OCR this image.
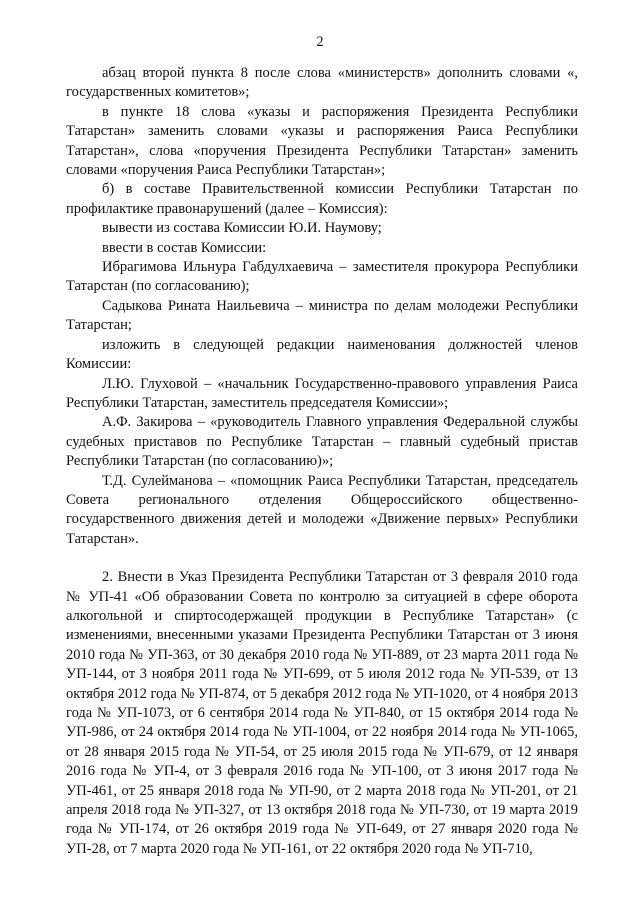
2

абзац второй пункта 8 после слова «министерств» дополнить словами «, государственных комитетов»;

в пункте 18 слова «указы и распоряжения Президента Республики Татарстан» заменить словами «указы и распоряжения Раиса Республики Татарстан», слова «поручения Президента Республики Татарстан» заменить словами «поручения Раиса Республики Татарстан»;

б) в составе Правительственной комиссии Республики Татарстан по профилактике правонарушений (далее – Комиссия):

вывести из состава Комиссии Ю.И. Наумову;

ввести в состав Комиссии:

Ибрагимова Ильнура Габдулхаевича – заместителя прокурора Республики Татарстан (по согласованию);

Садыкова Рината Наильевича – министра по делам молодежи Республики Татарстан;

изложить в следующей редакции наименования должностей членов Комиссии:

Л.Ю. Глуховой – «начальник Государственно-правового управления Раиса Республики Татарстан, заместитель председателя Комиссии»;

А.Ф. Закирова – «руководитель Главного управления Федеральной службы судебных приставов по Республике Татарстан – главный судебный пристав Республики Татарстан (по согласованию)»;

Т.Д. Сулейманова – «помощник Раиса Республики Татарстан, председатель Совета регионального отделения Общероссийского общественно-государственного движения детей и молодежи «Движение первых» Республики Татарстан».

2. Внести в Указ Президента Республики Татарстан от 3 февраля 2010 года № УП-41 «Об образовании Совета по контролю за ситуацией в сфере оборота алкогольной и спиртосодержащей продукции в Республике Татарстан» (с изменениями, внесенными указами Президента Республики Татарстан от 3 июня 2010 года № УП-363, от 30 декабря 2010 года № УП-889, от 23 марта 2011 года № УП-144, от 3 ноября 2011 года № УП-699, от 5 июля 2012 года № УП-539, от 13 октября 2012 года № УП-874, от 5 декабря 2012 года № УП-1020, от 4 ноября 2013 года № УП-1073, от 6 сентября 2014 года № УП-840, от 15 октября 2014 года № УП-986, от 24 октября 2014 года № УП-1004, от 22 ноября 2014 года № УП-1065, от 28 января 2015 года № УП-54, от 25 июля 2015 года № УП-679, от 12 января 2016 года № УП-4, от 3 февраля 2016 года № УП-100, от 3 июня 2017 года № УП-461, от 25 января 2018 года № УП-90, от 2 марта 2018 года № УП-201, от 21 апреля 2018 года № УП-327, от 13 октября 2018 года № УП-730, от 19 марта 2019 года № УП-174, от 26 октября 2019 года № УП-649, от 27 января 2020 года № УП-28, от 7 марта 2020 года № УП-161, от 22 октября 2020 года № УП-710,
